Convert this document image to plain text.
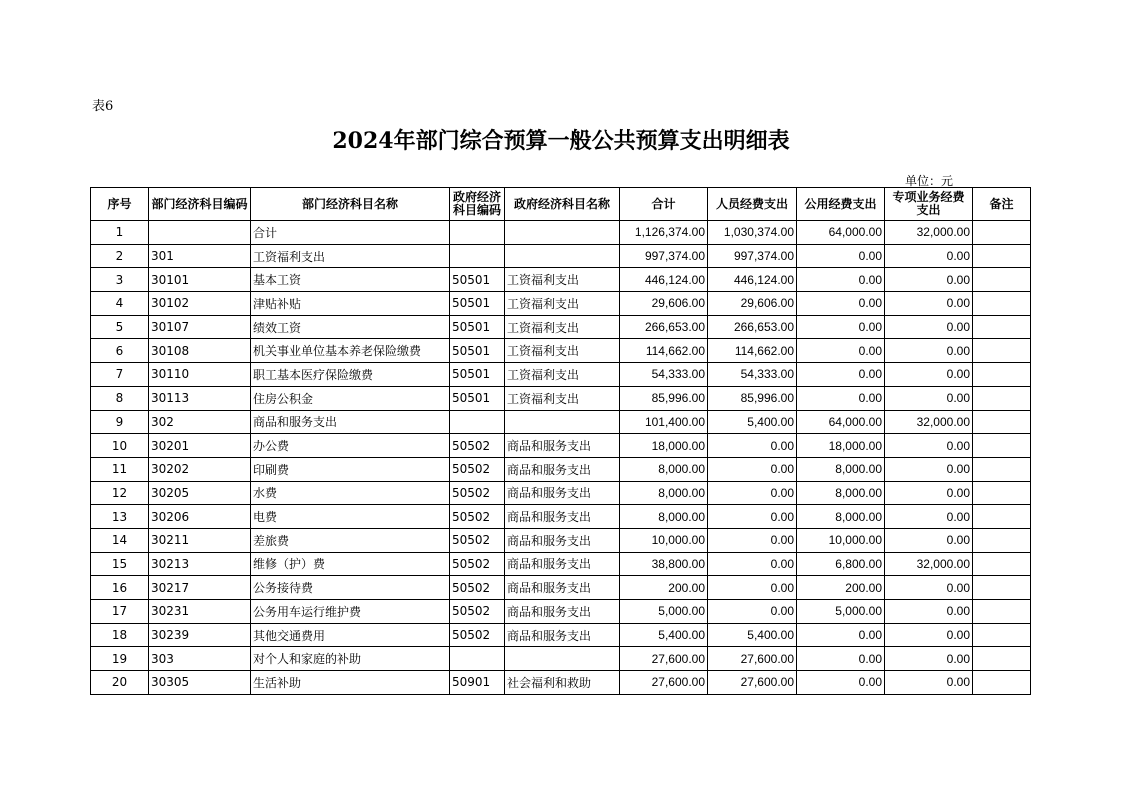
表6
2024年部门综合预算一般公共预算支出明细表
单位：元
序号	部门经济科目编码	部门经济科目名称	政府经济科目编码	政府经济科目名称	合计	人员经费支出	公用经费支出	专项业务经费支出	备注
1		合计			1,126,374.00	1,030,374.00	64,000.00	32,000.00	
2	301	工资福利支出			997,374.00	997,374.00	0.00	0.00	
3	30101	基本工资	50501	工资福利支出	446,124.00	446,124.00	0.00	0.00	
4	30102	津贴补贴	50501	工资福利支出	29,606.00	29,606.00	0.00	0.00	
5	30107	绩效工资	50501	工资福利支出	266,653.00	266,653.00	0.00	0.00	
6	30108	机关事业单位基本养老保险缴费	50501	工资福利支出	114,662.00	114,662.00	0.00	0.00	
7	30110	职工基本医疗保险缴费	50501	工资福利支出	54,333.00	54,333.00	0.00	0.00	
8	30113	住房公积金	50501	工资福利支出	85,996.00	85,996.00	0.00	0.00	
9	302	商品和服务支出			101,400.00	5,400.00	64,000.00	32,000.00	
10	30201	办公费	50502	商品和服务支出	18,000.00	0.00	18,000.00	0.00	
11	30202	印刷费	50502	商品和服务支出	8,000.00	0.00	8,000.00	0.00	
12	30205	水费	50502	商品和服务支出	8,000.00	0.00	8,000.00	0.00	
13	30206	电费	50502	商品和服务支出	8,000.00	0.00	8,000.00	0.00	
14	30211	差旅费	50502	商品和服务支出	10,000.00	0.00	10,000.00	0.00	
15	30213	维修（护）费	50502	商品和服务支出	38,800.00	0.00	6,800.00	32,000.00	
16	30217	公务接待费	50502	商品和服务支出	200.00	0.00	200.00	0.00	
17	30231	公务用车运行维护费	50502	商品和服务支出	5,000.00	0.00	5,000.00	0.00	
18	30239	其他交通费用	50502	商品和服务支出	5,400.00	5,400.00	0.00	0.00	
19	303	对个人和家庭的补助			27,600.00	27,600.00	0.00	0.00	
20	30305	生活补助	50901	社会福利和救助	27,600.00	27,600.00	0.00	0.00	
